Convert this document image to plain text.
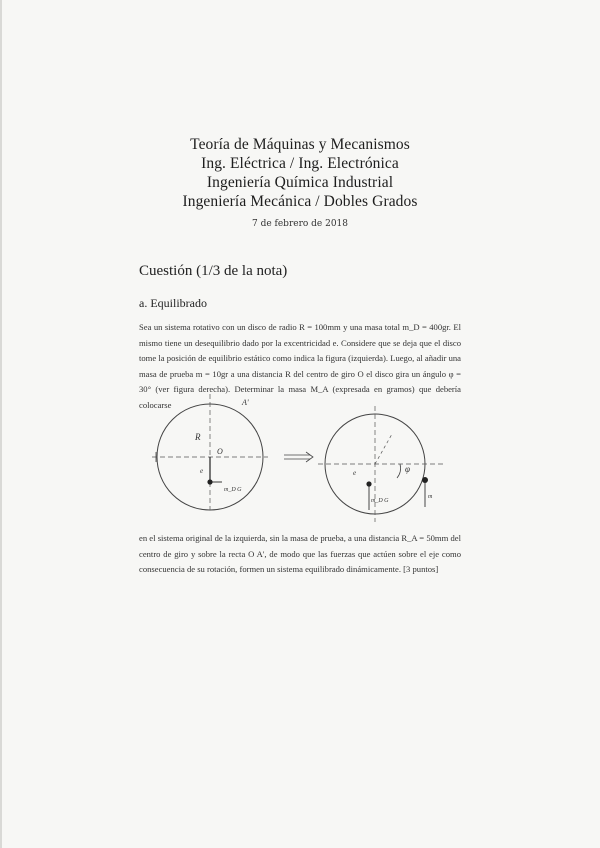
Teoría de Máquinas y Mecanismos
Ing. Eléctrica / Ing. Electrónica
Ingeniería Química Industrial
Ingeniería Mecánica / Dobles Grados
7 de febrero de 2018
Cuestión (1/3 de la nota)
a. Equilibrado
Sea un sistema rotativo con un disco de radio R = 100mm y una masa total m_D = 400gr. El mismo tiene un desequilibrio dado por la excentricidad e. Considere que se deja que el disco tome la posición de equilibrio estático como indica la figura (izquierda). Luego, al añadir una masa de prueba m = 10gr a una distancia R del centro de giro O el disco gira un ángulo φ = 30° (ver figura derecha). Determinar la masa M_A (expresada en gramos) que debería colocarse
R
O
e
m_D G
A'
e	φ
m_D G
m
en el sistema original de la izquierda, sin la masa de prueba, a una distancia R_A = 50mm del centro de giro y sobre la recta O A', de modo que las fuerzas que actúen sobre el eje como consecuencia de su rotación, formen un sistema equilibrado dinámicamente. [3 puntos]
